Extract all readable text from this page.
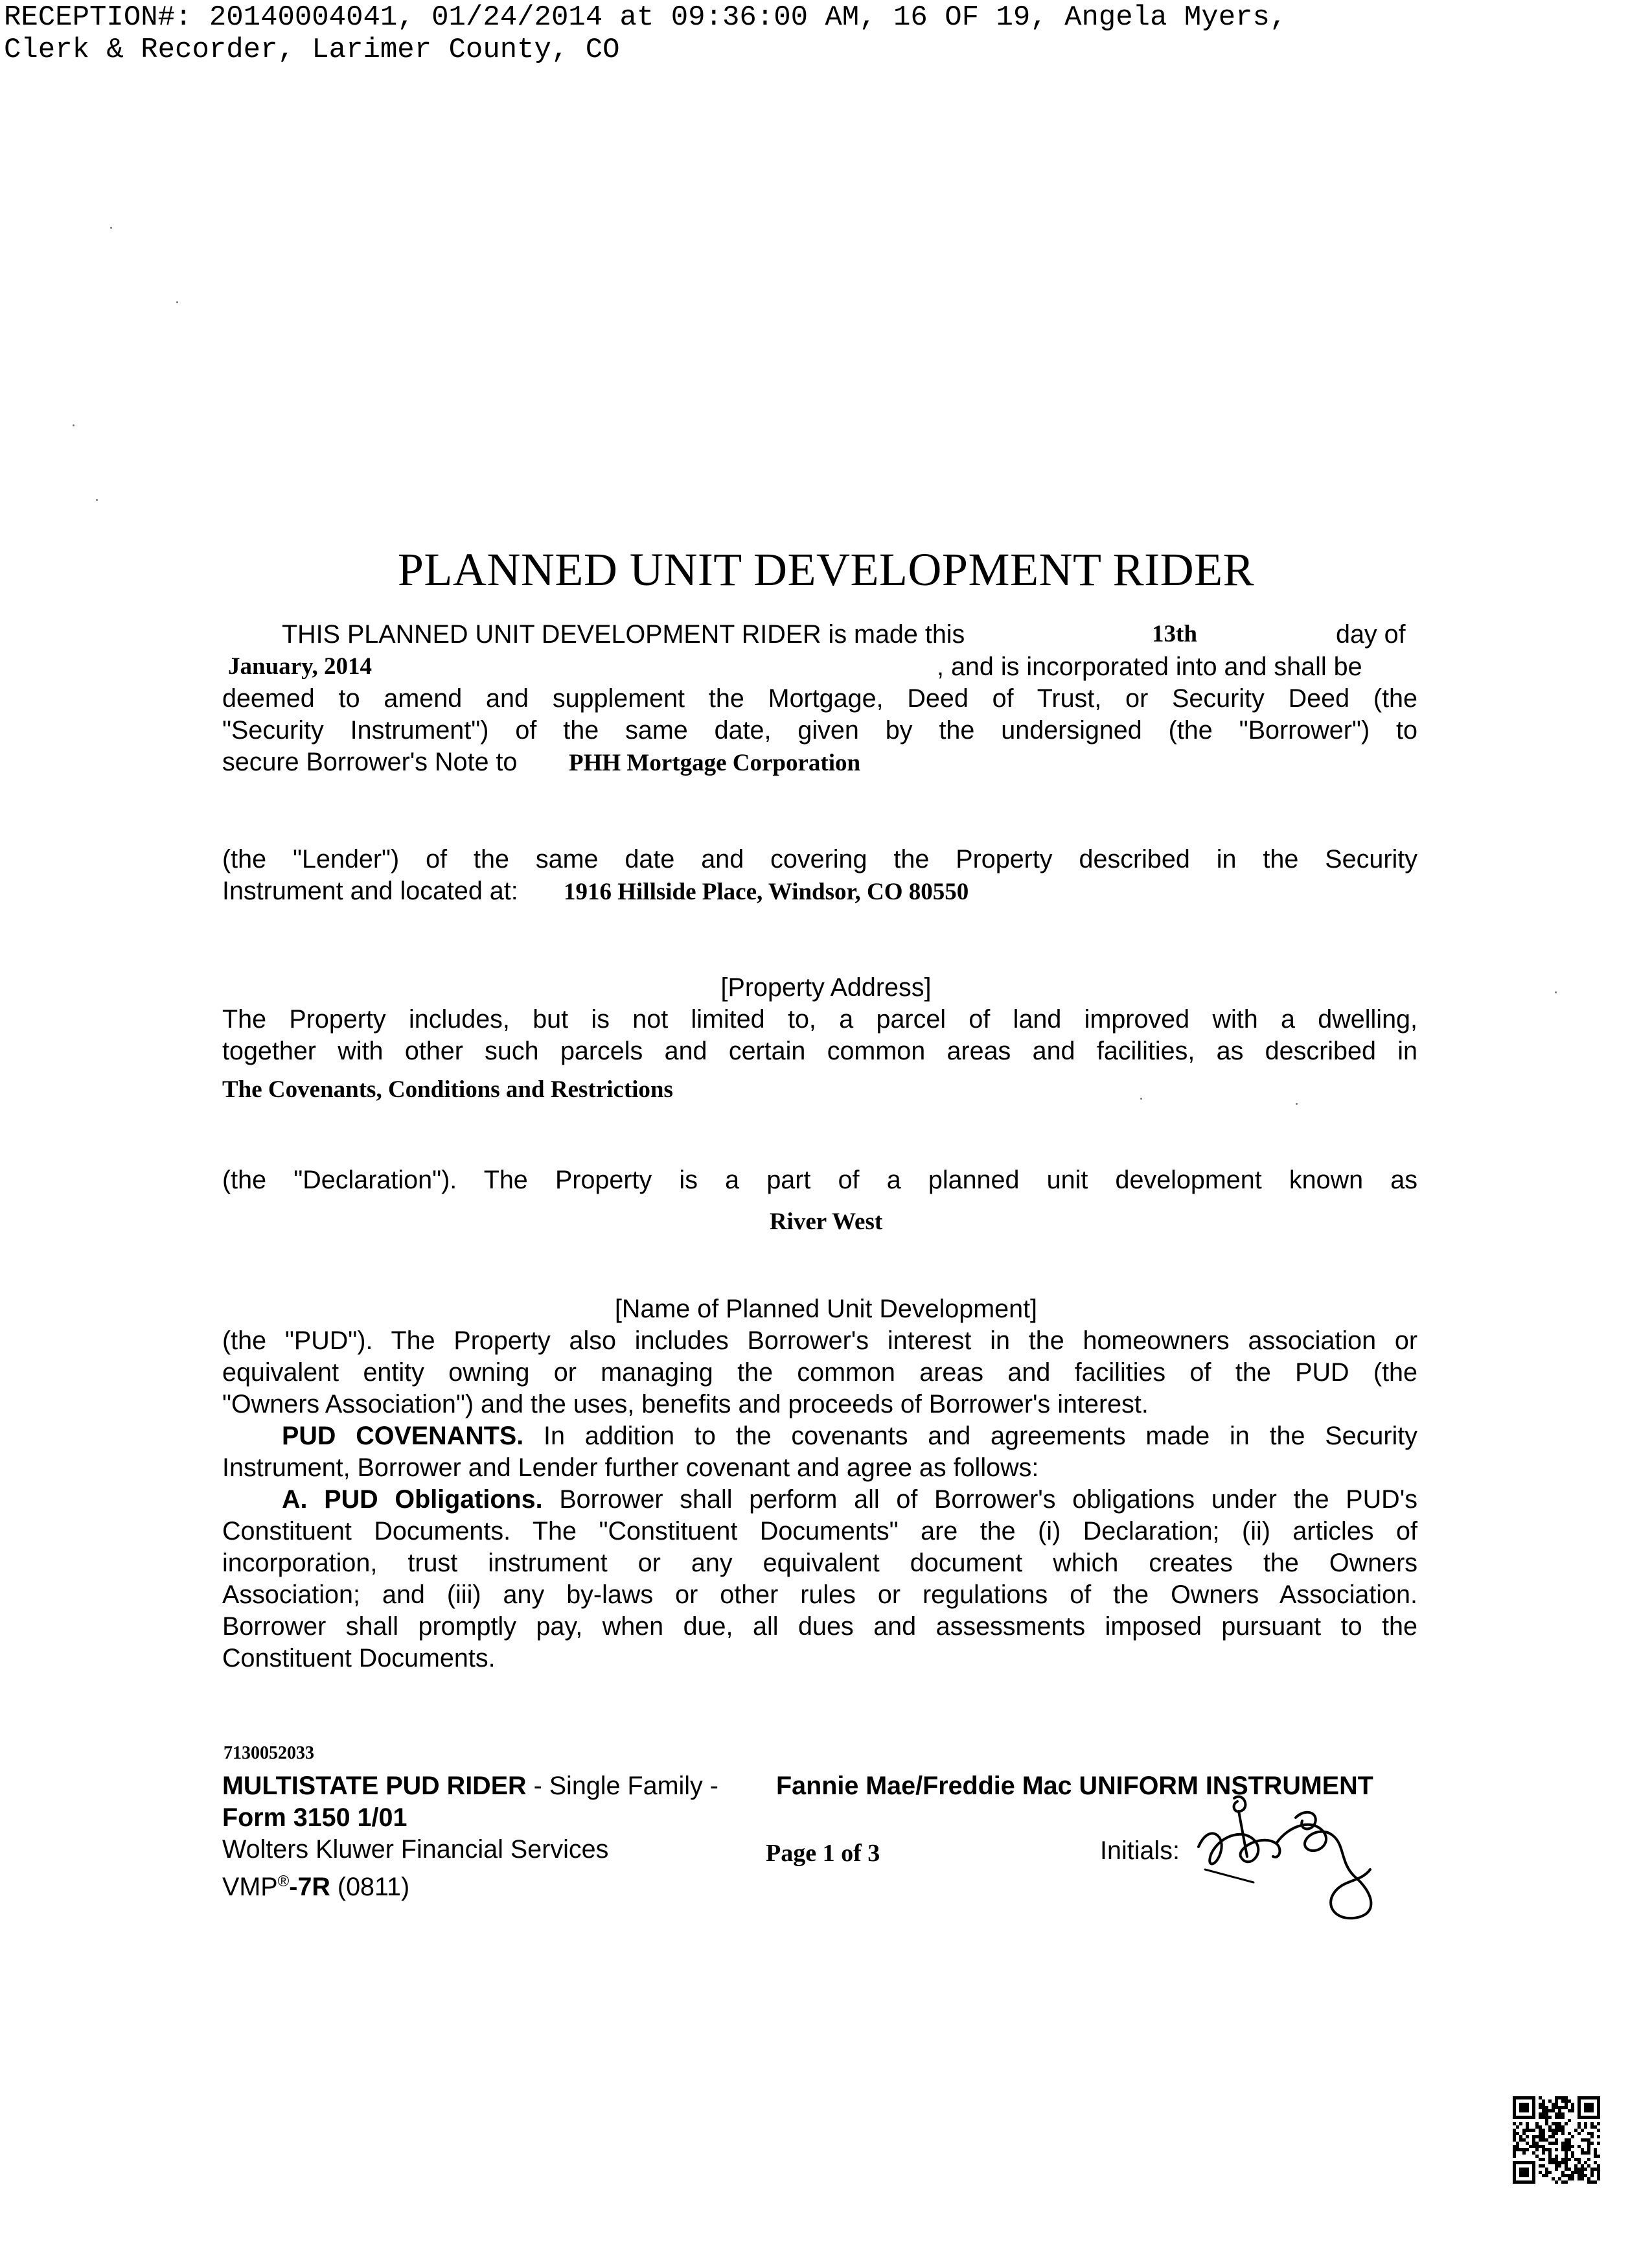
RECEPTION#: 20140004041, 01/24/2014 at 09:36:00 AM, 16 OF 19, Angela Myers,
Clerk & Recorder, Larimer County, CO
PLANNED UNIT DEVELOPMENT RIDER
THIS PLANNED UNIT DEVELOPMENT RIDER is made this	13th	day of
January, 2014	, and is incorporated into and shall be
deemed to amend and supplement the Mortgage, Deed of Trust, or Security Deed (the
"Security Instrument") of the same date, given by the undersigned (the "Borrower") to
secure Borrower's Note to PHH Mortgage Corporation
(the "Lender") of the same date and covering the Property described in the Security
Instrument and located at: 1916 Hillside Place, Windsor, CO 80550
[Property Address]
The Property includes, but is not limited to, a parcel of land improved with a dwelling,
together with other such parcels and certain common areas and facilities, as described in
The Covenants, Conditions and Restrictions
(the "Declaration"). The Property is a part of a planned unit development known as
River West
[Name of Planned Unit Development]
(the "PUD"). The Property also includes Borrower's interest in the homeowners association or
equivalent entity owning or managing the common areas and facilities of the PUD (the
"Owners Association") and the uses, benefits and proceeds of Borrower's interest.
PUD COVENANTS. In addition to the covenants and agreements made in the Security
Instrument, Borrower and Lender further covenant and agree as follows:
A. PUD Obligations. Borrower shall perform all of Borrower's obligations under the PUD's
Constituent Documents. The "Constituent Documents" are the (i) Declaration; (ii) articles of
incorporation, trust instrument or any equivalent document which creates the Owners
Association; and (iii) any by-laws or other rules or regulations of the Owners Association.
Borrower shall promptly pay, when due, all dues and assessments imposed pursuant to the
Constituent Documents.
7130052033
MULTISTATE PUD RIDER - Single Family - Fannie Mae/Freddie Mac UNIFORM INSTRUMENT
Form 3150 1/01
Wolters Kluwer Financial Services	Page 1 of 3	Initials:
VMP®-7R (0811)
